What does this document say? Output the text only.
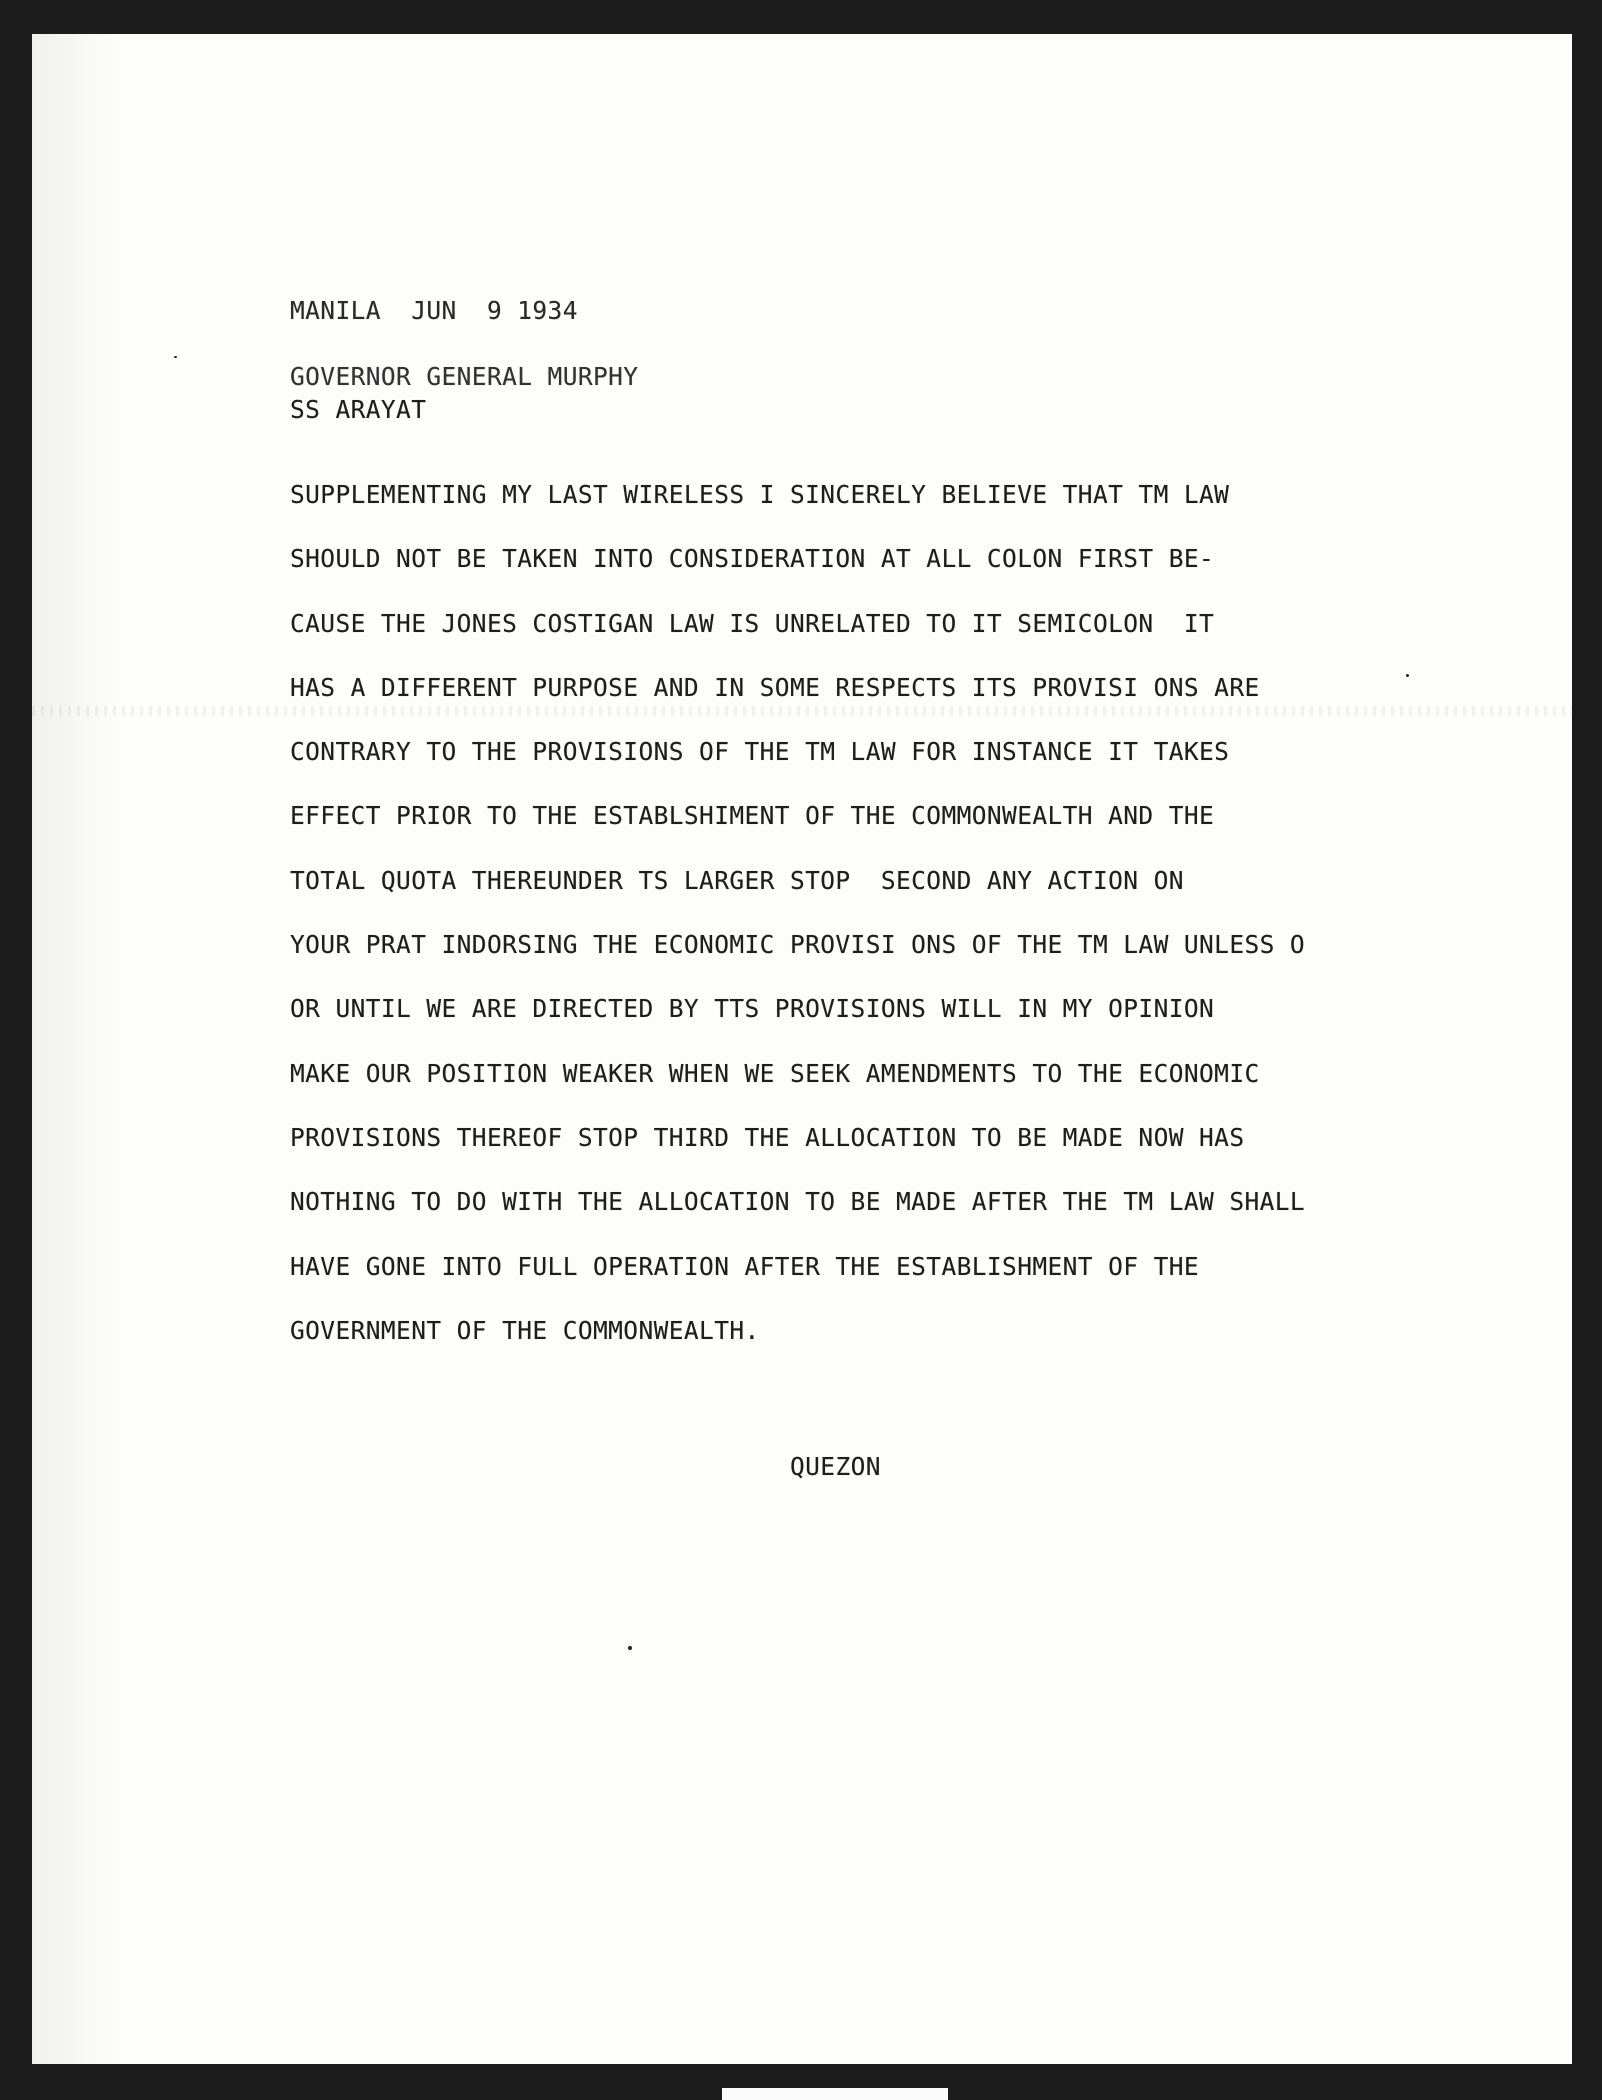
MANILA  JUN  9 1934

GOVERNOR GENERAL MURPHY

SS ARAYAT

SUPPLEMENTING MY LAST WIRELESS I SINCERELY BELIEVE THAT TM LAW
SHOULD NOT BE TAKEN INTO CONSIDERATION AT ALL COLON FIRST BE-
CAUSE THE JONES COSTIGAN LAW IS UNRELATED TO IT SEMICOLON  IT
HAS A DIFFERENT PURPOSE AND IN SOME RESPECTS ITS PROVISI ONS ARE
CONTRARY TO THE PROVISIONS OF THE TM LAW FOR INSTANCE IT TAKES
EFFECT PRIOR TO THE ESTABLSHIMENT OF THE COMMONWEALTH AND THE
TOTAL QUOTA THEREUNDER TS LARGER STOP  SECOND ANY ACTION ON
YOUR PRAT INDORSING THE ECONOMIC PROVISI ONS OF THE TM LAW UNLESS O
OR UNTIL WE ARE DIRECTED BY TTS PROVISIONS WILL IN MY OPINION
MAKE OUR POSITION WEAKER WHEN WE SEEK AMENDMENTS TO THE ECONOMIC
PROVISIONS THEREOF STOP THIRD THE ALLOCATION TO BE MADE NOW HAS
NOTHING TO DO WITH THE ALLOCATION TO BE MADE AFTER THE TM LAW SHALL
HAVE GONE INTO FULL OPERATION AFTER THE ESTABLISHMENT OF THE
GOVERNMENT OF THE COMMONWEALTH.

QUEZON
